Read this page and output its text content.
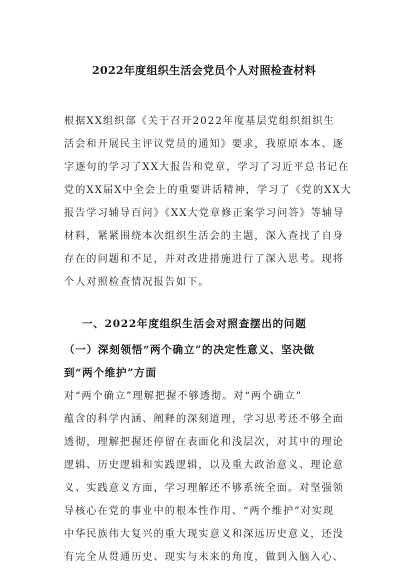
2022年度组织生活会党员个人对照检查材料
根据XX组织部《关于召开2022年度基层党组织组织生
活会和开展民主评议党员的通知》要求，我原原本本、逐
字逐句的学习了XX大报告和党章，学习了习近平总书记在
党的XX届X中全会上的重要讲话精神，学习了《党的XX大
报告学习辅导百问》《XX大党章修正案学习问答》等辅导
材料，紧紧围绕本次组织生活会的主题，深入查找了自身
存在的问题和不足，并对改进措施进行了深入思考。现将
个人对照检查情况报告如下。
一、2022年度组织生活会对照查摆出的问题
（一）深刻领悟“两个确立”的决定性意义、坚决做
到“两个维护”方面
对“两个确立”理解把握不够透彻。对“两个确立”
蕴含的科学内涵、阐释的深刻道理，学习思考还不够全面
透彻，理解把握还停留在表面化和浅层次，对其中的理论
逻辑、历史逻辑和实践逻辑，以及重大政治意义、理论意
义、实践意义方面，学习理解还不够系统全面。对坚强领
导核心在党的事业中的根本性作用、“两个维护”对实现
中华民族伟大复兴的重大现实意义和深远历史意义，还没
有完全从贯通历史、现实与未来的角度，做到入脑入心、
